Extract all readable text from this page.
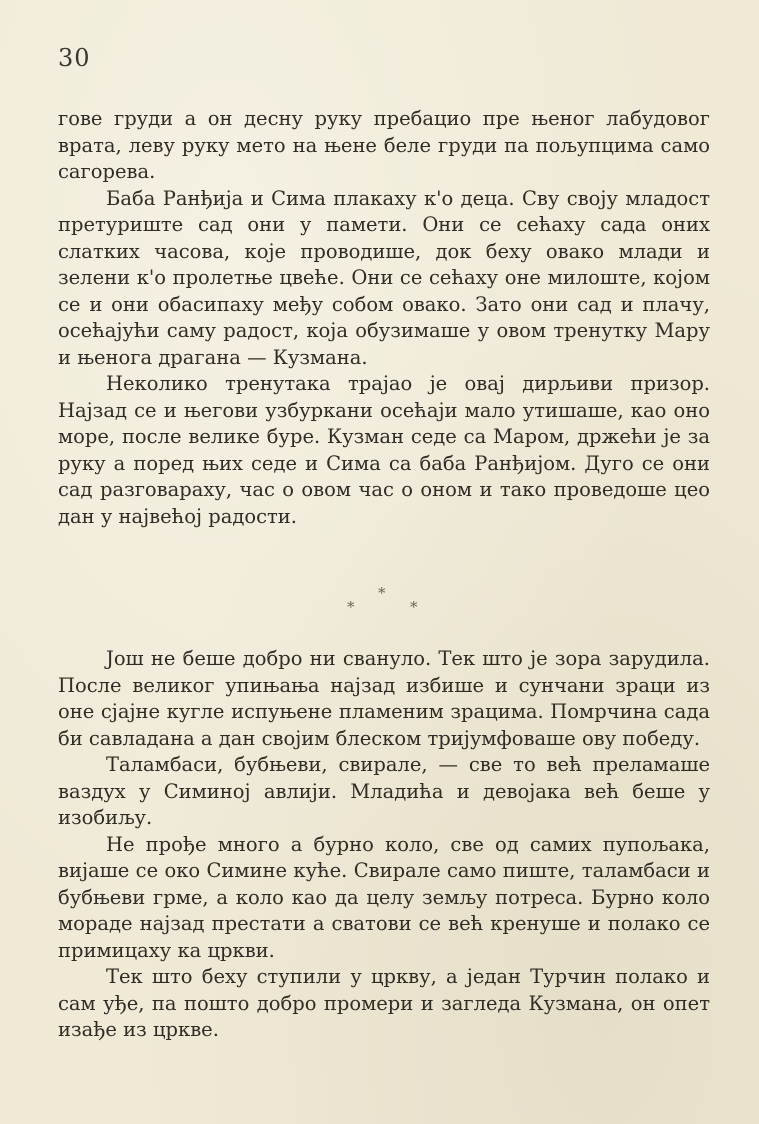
30

гове груди а он десну руку пребацио пре њеног лабудовог врата, леву руку мето на њене беле груди па пољупцима само сагорева.

Баба Ранђија и Сима плакаху к'о деца. Сву своју младост претуриште сад они у памети. Они се сећаху сада оних слатких часова, које проводише, док беху овако млади и зелени к'о пролетње цвеће. Они се сећаху оне милоште, којом се и они обасипаху међу собом овако. Зато они сад и плачу, осећајући саму радост, која обузимаше у овом тренутку Мару и њенога драгана — Кузмана.

Неколико тренутака трајао је овај дирљиви призор. Најзад се и његови узбуркани осећаји мало утишаше, као оно море, после велике буре. Кузман седе са Маром, држећи је за руку а поред њих седе и Сима са баба Ранђијом. Дуго се они сад разговараху, час о овом час о оном и тако проведоше цео дан у највећој радости.

*
*	*

Још не беше добро ни свануло. Тек што је зора зарудила. После великог упињања најзад избише и сунчани зраци из оне сјајне кугле испуњене пламеним зрацима. Помрчина сада би савладана а дан својим блеском тријумфоваше ову победу.

Таламбаси, бубњеви, свирале, — све то већ преламаше ваздух у Симиној авлији. Младића и девојака већ беше у изобиљу.

Не прође много а бурно коло, све од самих пупољака, вијаше се око Симине куће. Свирале само пиште, таламбаси и бубњеви грме, а коло као да целу земљу потреса. Бурно коло мораде најзад престати а сватови се већ кренуше и полако се примицаху ка цркви.

Тек што беху ступили у цркву, а један Турчин полако и сам уђе, па пошто добро промери и загледа Кузмана, он опет изађе из цркве.
